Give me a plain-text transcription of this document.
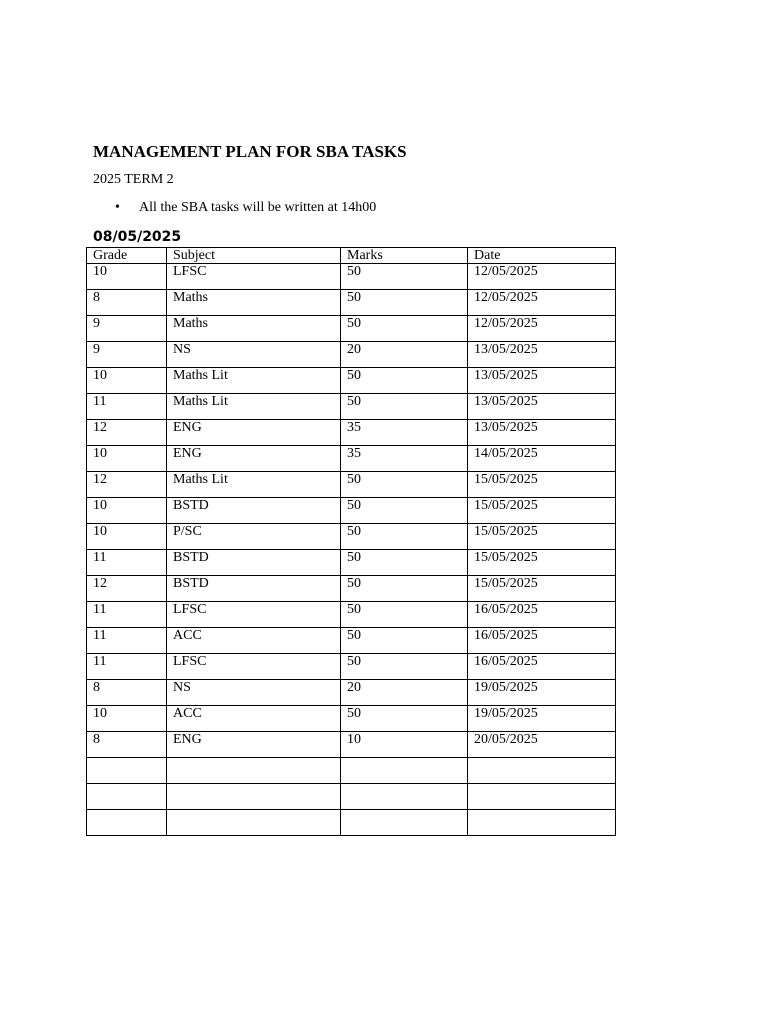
MANAGEMENT PLAN FOR SBA TASKS
2025 TERM 2
• All the SBA tasks will be written at 14h00
08/05/2025
Grade	Subject	Marks	Date
10	LFSC	50	12/05/2025
8	Maths	50	12/05/2025
9	Maths	50	12/05/2025
9	NS	20	13/05/2025
10	Maths Lit	50	13/05/2025
11	Maths Lit	50	13/05/2025
12	ENG	35	13/05/2025
10	ENG	35	14/05/2025
12	Maths Lit	50	15/05/2025
10	BSTD	50	15/05/2025
10	P/SC	50	15/05/2025
11	BSTD	50	15/05/2025
12	BSTD	50	15/05/2025
11	LFSC	50	16/05/2025
11	ACC	50	16/05/2025
11	LFSC	50	16/05/2025
8	NS	20	19/05/2025
10	ACC	50	19/05/2025
8	ENG	10	20/05/2025
